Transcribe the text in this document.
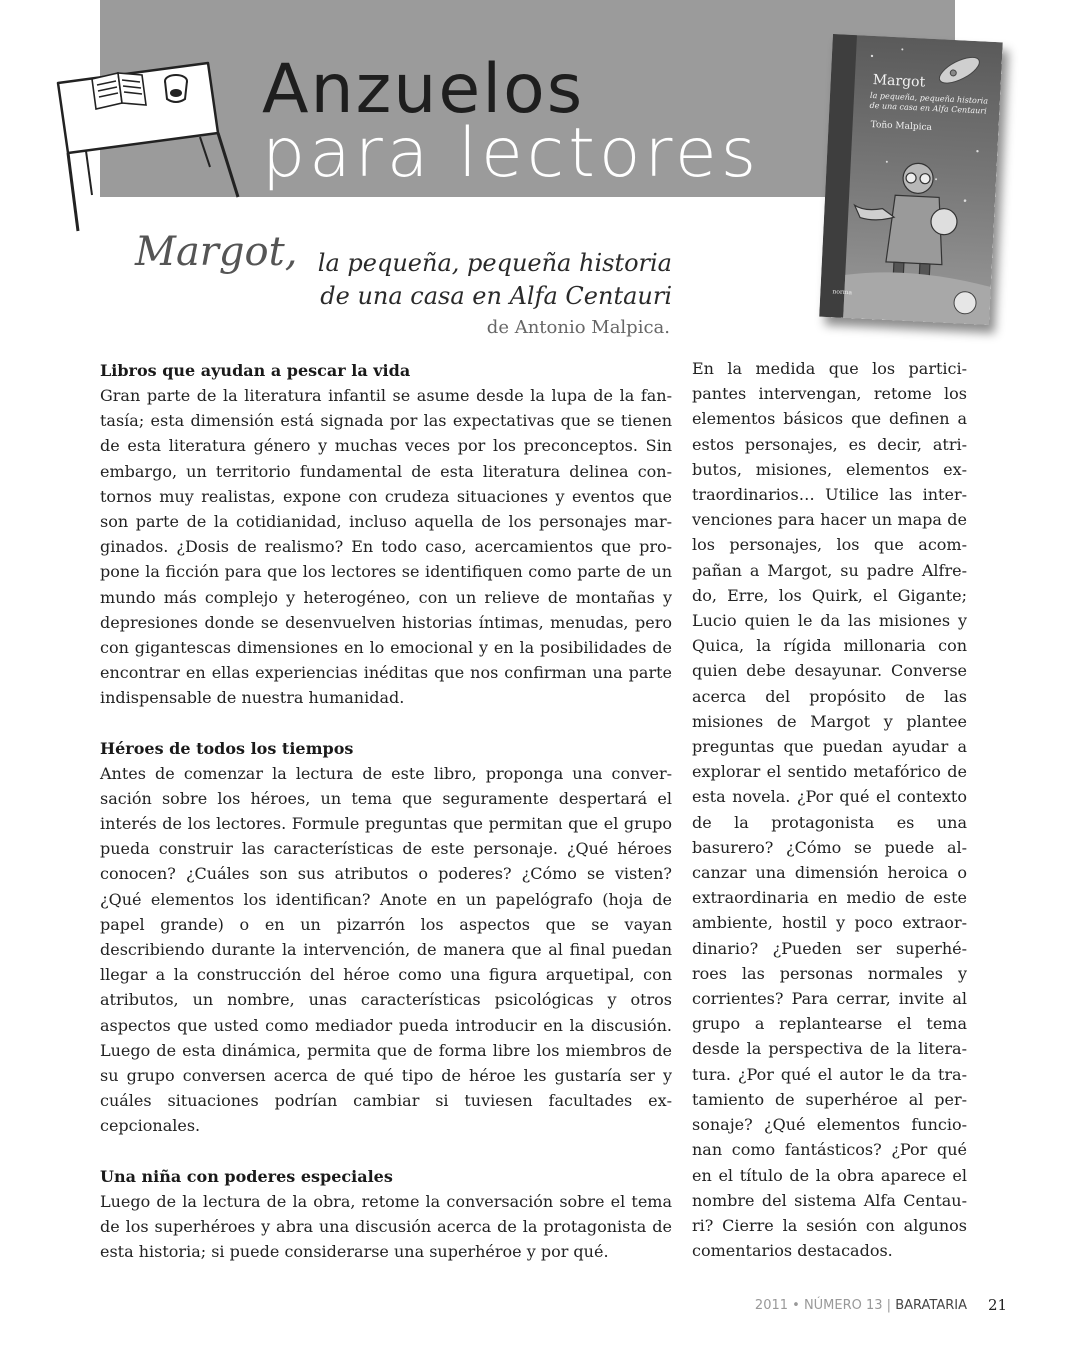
Anzuelos
para lectores

Margot

la pequeña, pequeña historia de una casa en Alfa Centauri

Toño Malpica

norma

Margot, la pequeña, pequeña historia
de una casa en Alfa Centauri

de Antonio Malpica.

Libros que ayudan a pescar la vida

Gran parte de la literatura infantil se asume desde la lupa de la fantasía; esta dimensión está signada por las expectativas que se tienen de esta literatura género y muchas veces por los preconceptos. Sin embargo, un territorio fundamental de esta literatura delinea contornos muy realistas, expone con crudeza situaciones y eventos que son parte de la cotidianidad, incluso aquella de los personajes marginados. ¿Dosis de realismo? En todo caso, acercamientos que propone la ficción para que los lectores se identifiquen como parte de un mundo más complejo y heterogéneo, con un relieve de montañas y depresiones donde se desenvuelven historias íntimas, menudas, pero con gigantescas dimensiones en lo emocional y en la posibilidades de encontrar en ellas experiencias inéditas que nos confirman una parte indispensable de nuestra humanidad.

Héroes de todos los tiempos

Antes de comenzar la lectura de este libro, proponga una conversación sobre los héroes, un tema que seguramente despertará el interés de los lectores. Formule preguntas que permitan que el grupo pueda construir las características de este personaje. ¿Qué héroes conocen? ¿Cuáles son sus atributos o poderes? ¿Cómo se visten? ¿Qué elementos los identifican? Anote en un papelógrafo (hoja de papel grande) o en un pizarrón los aspectos que se vayan describiendo durante la intervención, de manera que al final puedan llegar a la construcción del héroe como una figura arquetipal, con atributos, un nombre, unas características psicológicas y otros aspectos que usted como mediador pueda introducir en la discusión. Luego de esta dinámica, permita que de forma libre los miembros de su grupo conversen acerca de qué tipo de héroe les gustaría ser y cuáles situaciones podrían cambiar si tuviesen facultades excepcionales.

Una niña con poderes especiales

Luego de la lectura de la obra, retome la conversación sobre el tema de los superhéroes y abra una discusión acerca de la protagonista de esta historia; si puede considerarse una superhéroe y por qué.

En la medida que los participantes intervengan, retome los elementos básicos que definen a estos personajes, es decir, atributos, misiones, elementos extraordinarios… Utilice las intervenciones para hacer un mapa de los personajes, los que acompañan a Margot, su padre Alfredo, Erre, los Quirk, el Gigante; Lucio quien le da las misiones y Quica, la rígida millonaria con quien debe desayunar. Converse acerca del propósito de las misiones de Margot y plantee preguntas que puedan ayudar a explorar el sentido metafórico de esta novela. ¿Por qué el contexto de la protagonista es una basurero? ¿Cómo se puede alcanzar una dimensión heroica o extraordinaria en medio de este ambiente, hostil y poco extraordinario? ¿Pueden ser superhéroes las personas normales y corrientes? Para cerrar, invite al grupo a replantearse el tema desde la perspectiva de la literatura. ¿Por qué el autor le da tratamiento de superhéroe al personaje? ¿Qué elementos funcionan como fantásticos? ¿Por qué en el título de la obra aparece el nombre del sistema Alfa Centauri? Cierre la sesión con algunos comentarios destacados.

2011 • NÚMERO 13 | BARATARIA 21
